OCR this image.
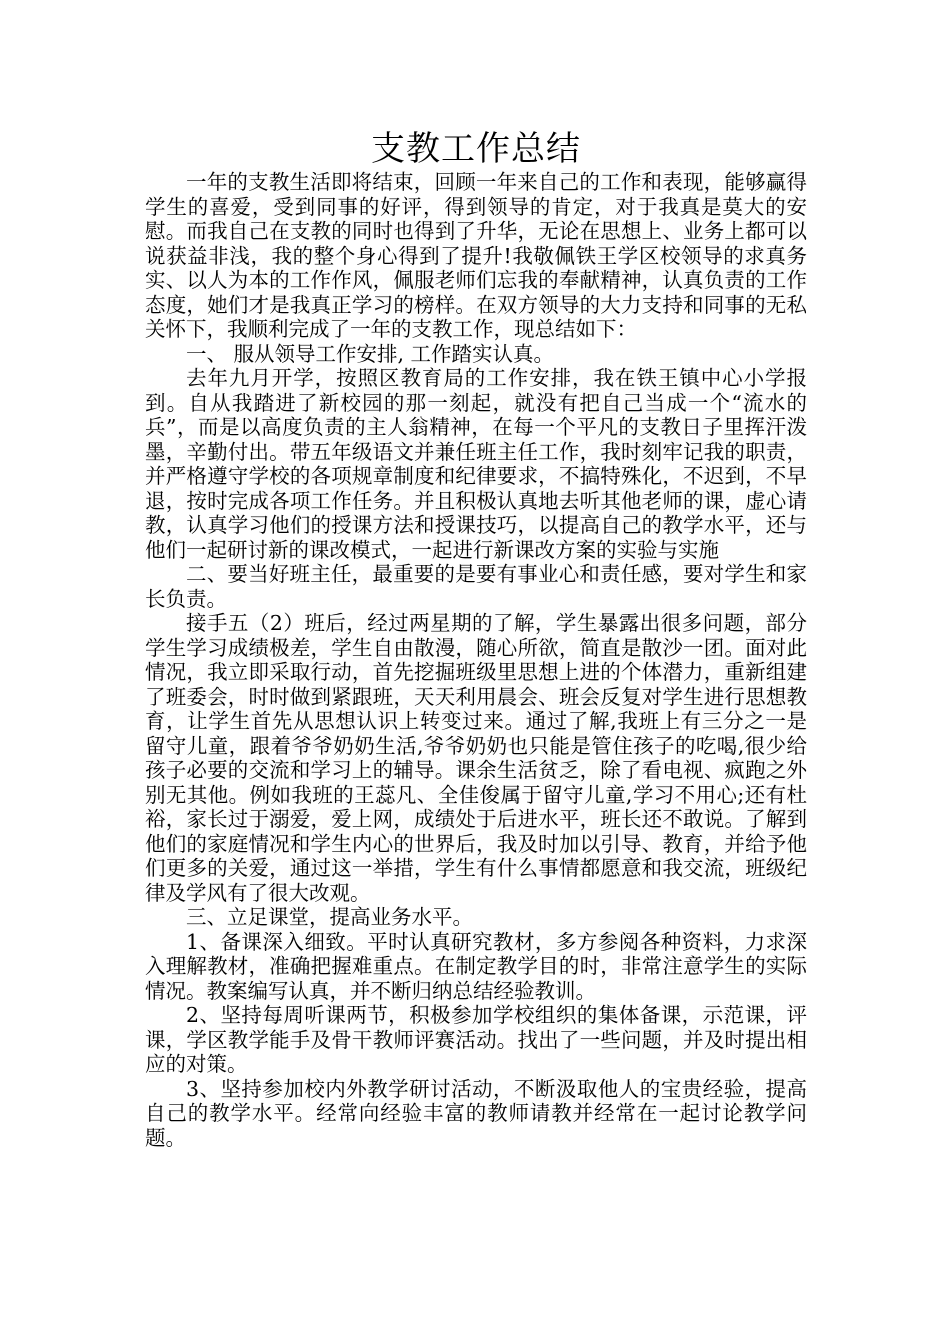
支教工作总结

一年的支教生活即将结束，回顾一年来自己的工作和表现，能够赢得学生的喜爱，受到同事的好评，得到领导的肯定，对于我真是莫大的安慰。而我自己在支教的同时也得到了升华，无论在思想上、业务上都可以说获益非浅，我的整个身心得到了提升!我敬佩铁王学区校领导的求真务实、以人为本的工作作风，佩服老师们忘我的奉献精神，认真负责的工作态度，她们才是我真正学习的榜样。在双方领导的大力支持和同事的无私关怀下，我顺利完成了一年的支教工作，现总结如下：

一、 服从领导工作安排, 工作踏实认真。

去年九月开学，按照区教育局的工作安排，我在铁王镇中心小学报到。自从我踏进了新校园的那一刻起，就没有把自己当成一个“流水的兵”，而是以高度负责的主人翁精神，在每一个平凡的支教日子里挥汗泼墨，辛勤付出。带五年级语文并兼任班主任工作，我时刻牢记我的职责，并严格遵守学校的各项规章制度和纪律要求，不搞特殊化，不迟到，不早退，按时完成各项工作任务。并且积极认真地去听其他老师的课，虚心请教，认真学习他们的授课方法和授课技巧，以提高自己的教学水平，还与他们一起研讨新的课改模式，一起进行新课改方案的实验与实施

二、要当好班主任，最重要的是要有事业心和责任感，要对学生和家长负责。

接手五（2）班后，经过两星期的了解，学生暴露出很多问题，部分学生学习成绩极差，学生自由散漫，随心所欲，简直是散沙一团。面对此情况，我立即采取行动，首先挖掘班级里思想上进的个体潜力，重新组建了班委会，时时做到紧跟班，天天利用晨会、班会反复对学生进行思想教育，让学生首先从思想认识上转变过来。通过了解,我班上有三分之一是留守儿童，跟着爷爷奶奶生活,爷爷奶奶也只能是管住孩子的吃喝,很少给孩子必要的交流和学习上的辅导。课余生活贫乏，除了看电视、疯跑之外别无其他。例如我班的王蕊凡、全佳俊属于留守儿童,学习不用心;还有杜裕，家长过于溺爱，爱上网，成绩处于后进水平，班长还不敢说。了解到他们的家庭情况和学生内心的世界后，我及时加以引导、教育，并给予他们更多的关爱，通过这一举措，学生有什么事情都愿意和我交流，班级纪律及学风有了很大改观。

三、立足课堂，提高业务水平。

1、备课深入细致。平时认真研究教材，多方参阅各种资料，力求深入理解教材，准确把握难重点。在制定教学目的时，非常注意学生的实际情况。教案编写认真，并不断归纳总结经验教训。

2、坚持每周听课两节，积极参加学校组织的集体备课，示范课，评课，学区教学能手及骨干教师评赛活动。找出了一些问题，并及时提出相应的对策。

3、坚持参加校内外教学研讨活动，不断汲取他人的宝贵经验，提高自己的教学水平。经常向经验丰富的教师请教并经常在一起讨论教学问题。
